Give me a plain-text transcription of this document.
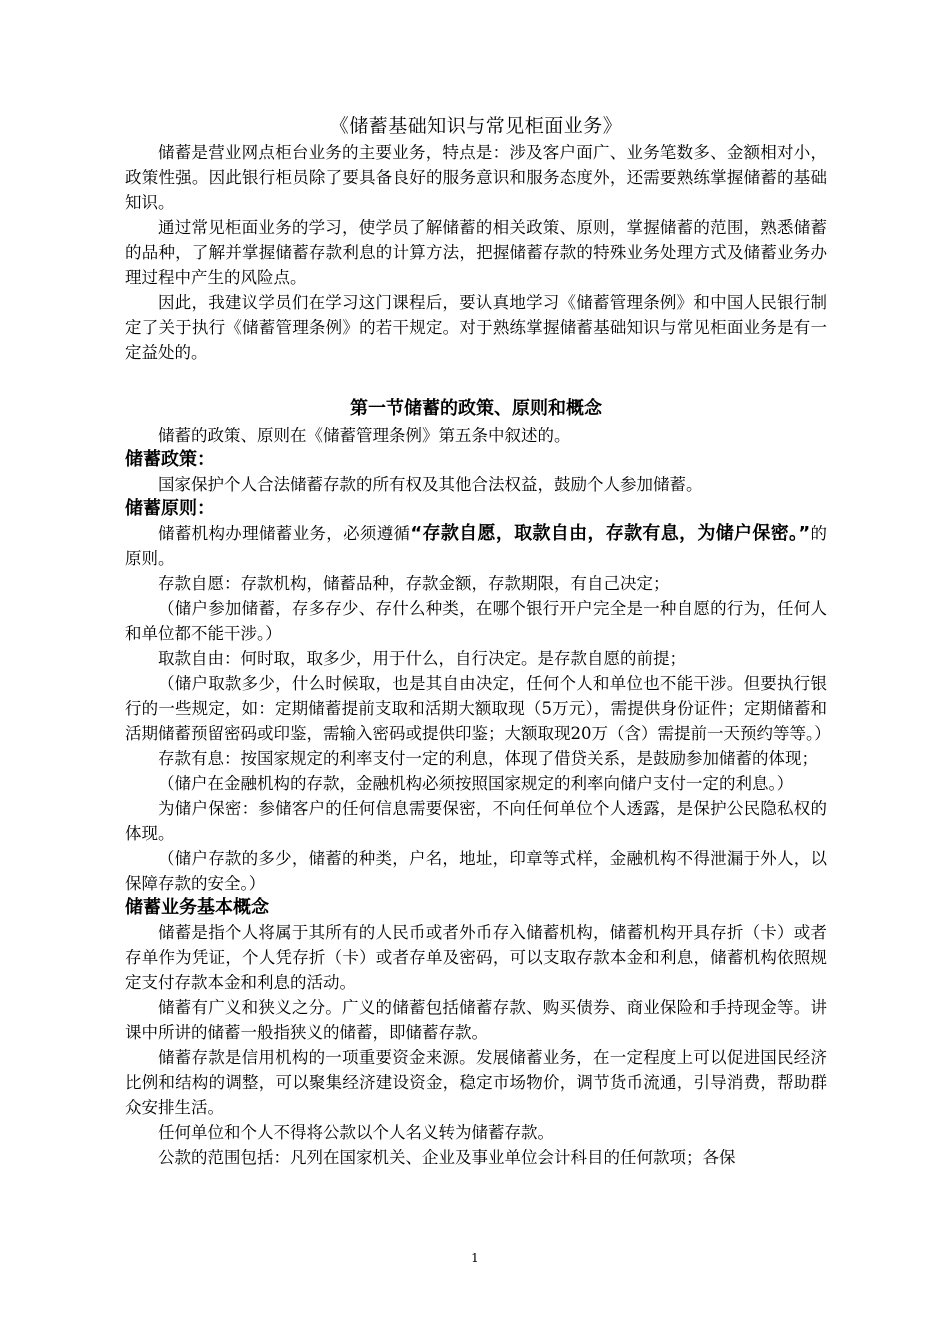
《储蓄基础知识与常见柜面业务》

储蓄是营业网点柜台业务的主要业务，特点是：涉及客户面广、业务笔数多、金额相对小，政策性强。因此银行柜员除了要具备良好的服务意识和服务态度外，还需要熟练掌握储蓄的基础知识。

通过常见柜面业务的学习，使学员了解储蓄的相关政策、原则，掌握储蓄的范围，熟悉储蓄的品种，了解并掌握储蓄存款利息的计算方法，把握储蓄存款的特殊业务处理方式及储蓄业务办理过程中产生的风险点。

因此，我建议学员们在学习这门课程后，要认真地学习《储蓄管理条例》和中国人民银行制定了关于执行《储蓄管理条例》的若干规定。对于熟练掌握储蓄基础知识与常见柜面业务是有一定益处的。

第一节储蓄的政策、原则和概念

储蓄的政策、原则在《储蓄管理条例》第五条中叙述的。

储蓄政策：

国家保护个人合法储蓄存款的所有权及其他合法权益，鼓励个人参加储蓄。

储蓄原则：

储蓄机构办理储蓄业务，必须遵循“存款自愿，取款自由，存款有息，为储户保密。”的原则。

存款自愿：存款机构，储蓄品种，存款金额，存款期限，有自己决定；

（储户参加储蓄，存多存少、存什么种类，在哪个银行开户完全是一种自愿的行为，任何人和单位都不能干涉。）

取款自由：何时取，取多少，用于什么，自行决定。是存款自愿的前提；

（储户取款多少，什么时候取，也是其自由决定，任何个人和单位也不能干涉。但要执行银行的一些规定，如：定期储蓄提前支取和活期大额取现（5万元），需提供身份证件；定期储蓄和活期储蓄预留密码或印鉴，需输入密码或提供印鉴；大额取现20万（含）需提前一天预约等等。）

存款有息：按国家规定的利率支付一定的利息，体现了借贷关系，是鼓励参加储蓄的体现；

（储户在金融机构的存款，金融机构必须按照国家规定的利率向储户支付一定的利息。）

为储户保密：参储客户的任何信息需要保密，不向任何单位个人透露，是保护公民隐私权的体现。

（储户存款的多少，储蓄的种类，户名，地址，印章等式样，金融机构不得泄漏于外人，以保障存款的安全。）

储蓄业务基本概念

储蓄是指个人将属于其所有的人民币或者外币存入储蓄机构，储蓄机构开具存折（卡）或者存单作为凭证，个人凭存折（卡）或者存单及密码，可以支取存款本金和利息，储蓄机构依照规定支付存款本金和利息的活动。

储蓄有广义和狭义之分。广义的储蓄包括储蓄存款、购买债券、商业保险和手持现金等。讲课中所讲的储蓄一般指狭义的储蓄，即储蓄存款。

储蓄存款是信用机构的一项重要资金来源。发展储蓄业务，在一定程度上可以促进国民经济比例和结构的调整，可以聚集经济建设资金，稳定市场物价，调节货币流通，引导消费，帮助群众安排生活。

任何单位和个人不得将公款以个人名义转为储蓄存款。

公款的范围包括：凡列在国家机关、企业及事业单位会计科目的任何款项；各保

1
